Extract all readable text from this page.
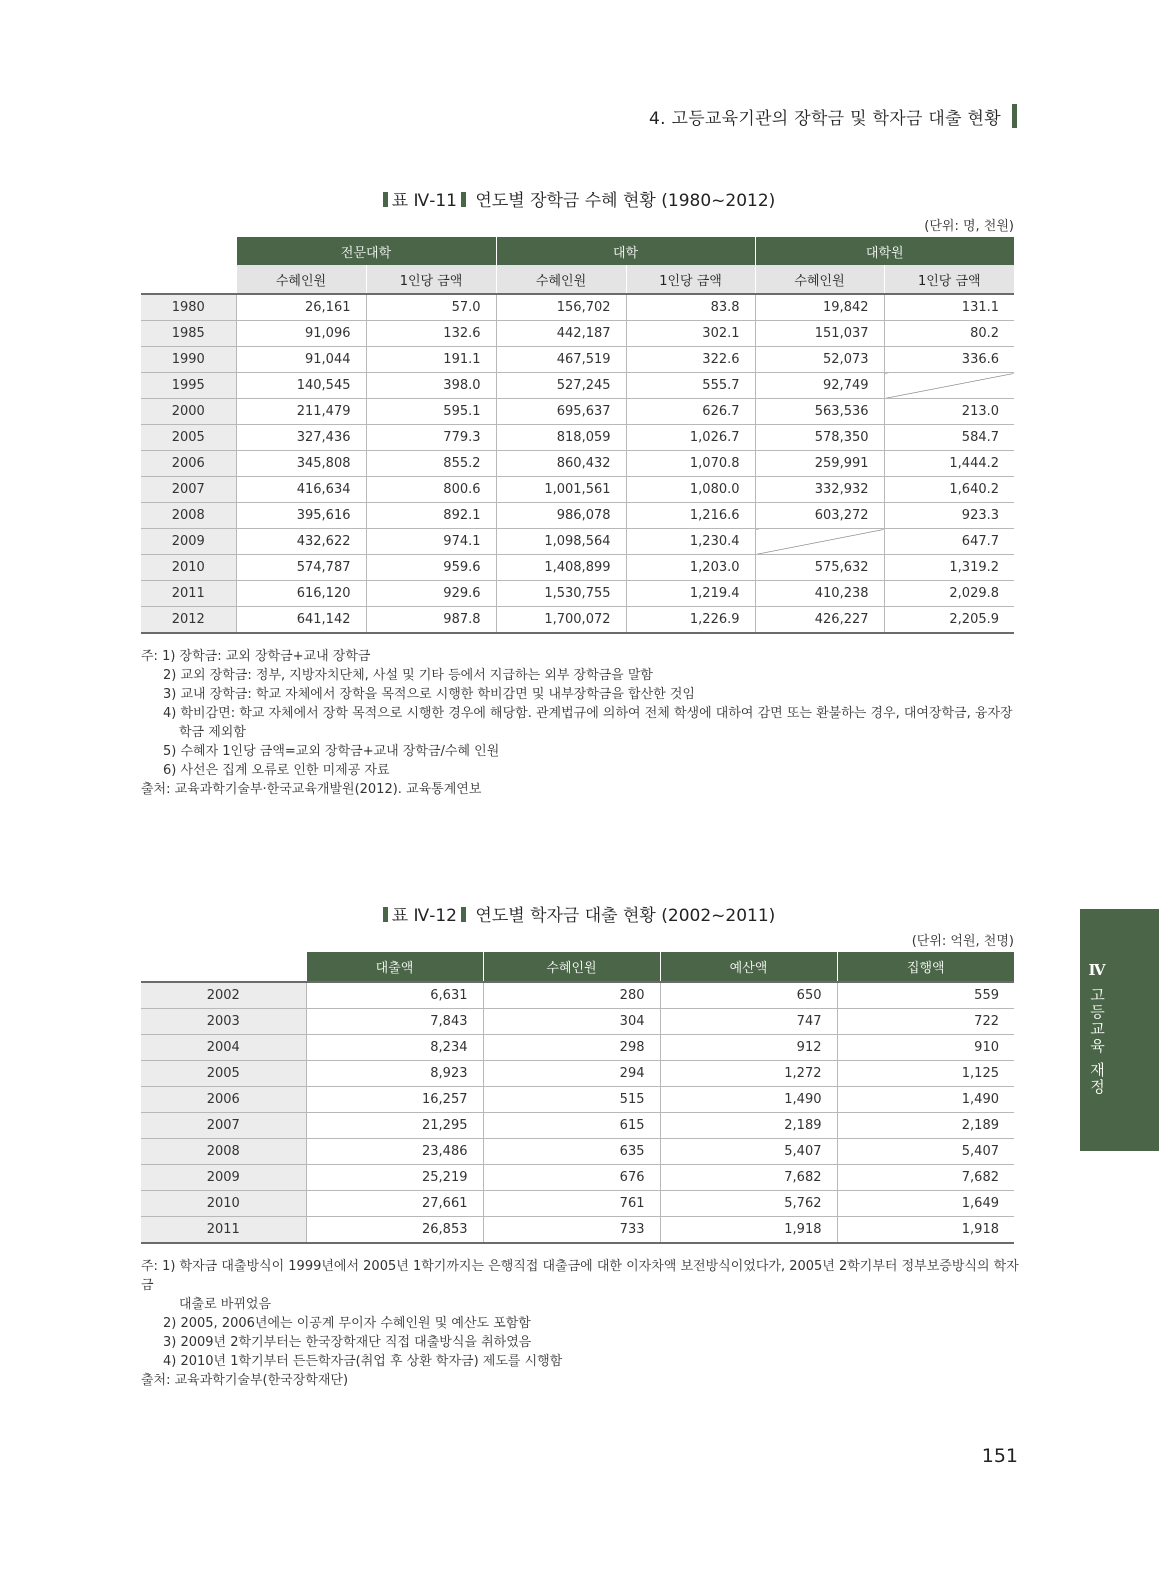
4. 고등교육기관의 장학금 및 학자금 대출 현황
Ⅳ
고등교육 재정
표 Ⅳ-11 연도별 장학금 수혜 현황 (1980~2012)
(단위: 명, 천원)
	전문대학		대학		대학원	
	수혜인원	1인당 금액	수혜인원	1인당 금액	수혜인원	1인당 금액
1980	26,161	57.0	156,702	83.8	19,842	131.1
1985	91,096	132.6	442,187	302.1	151,037	80.2
1990	91,044	191.1	467,519	322.6	52,073	336.6
1995	140,545	398.0	527,245	555.7	92,749	
2000	211,479	595.1	695,637	626.7	563,536	213.0
2005	327,436	779.3	818,059	1,026.7	578,350	584.7
2006	345,808	855.2	860,432	1,070.8	259,991	1,444.2
2007	416,634	800.6	1,001,561	1,080.0	332,932	1,640.2
2008	395,616	892.1	986,078	1,216.6	603,272	923.3
2009	432,622	974.1	1,098,564	1,230.4		647.7
2010	574,787	959.6	1,408,899	1,203.0	575,632	1,319.2
2011	616,120	929.6	1,530,755	1,219.4	410,238	2,029.8
2012	641,142	987.8	1,700,072	1,226.9	426,227	2,205.9
주: 1) 장학금: 교외 장학금+교내 장학금
2) 교외 장학금: 정부, 지방자치단체, 사설 및 기타 등에서 지급하는 외부 장학금을 말함
3) 교내 장학금: 학교 자체에서 장학을 목적으로 시행한 학비감면 및 내부장학금을 합산한 것임
4) 학비감면: 학교 자체에서 장학 목적으로 시행한 경우에 해당함. 관계법규에 의하여 전체 학생에 대하여 감면 또는 환불하는 경우, 대여장학금, 융자장
학금 제외함
5) 수혜자 1인당 금액=교외 장학금+교내 장학금/수혜 인원
6) 사선은 집계 오류로 인한 미제공 자료
출처: 교육과학기술부·한국교육개발원(2012). 교육통계연보
표 Ⅳ-12 연도별 학자금 대출 현황 (2002~2011)
(단위: 억원, 천명)
	대출액	수혜인원	예산액	집행액
2002	6,631	280	650	559
2003	7,843	304	747	722
2004	8,234	298	912	910
2005	8,923	294	1,272	1,125
2006	16,257	515	1,490	1,490
2007	21,295	615	2,189	2,189
2008	23,486	635	5,407	5,407
2009	25,219	676	7,682	7,682
2010	27,661	761	5,762	1,649
2011	26,853	733	1,918	1,918
주: 1) 학자금 대출방식이 1999년에서 2005년 1학기까지는 은행직접 대출금에 대한 이자차액 보전방식이었다가, 2005년 2학기부터 정부보증방식의 학자금
대출로 바뀌었음
2) 2005, 2006년에는 이공계 무이자 수혜인원 및 예산도 포함함
3) 2009년 2학기부터는 한국장학재단 직접 대출방식을 취하였음
4) 2010년 1학기부터 든든학자금(취업 후 상환 학자금) 제도를 시행함
출처: 교육과학기술부(한국장학재단)
151
